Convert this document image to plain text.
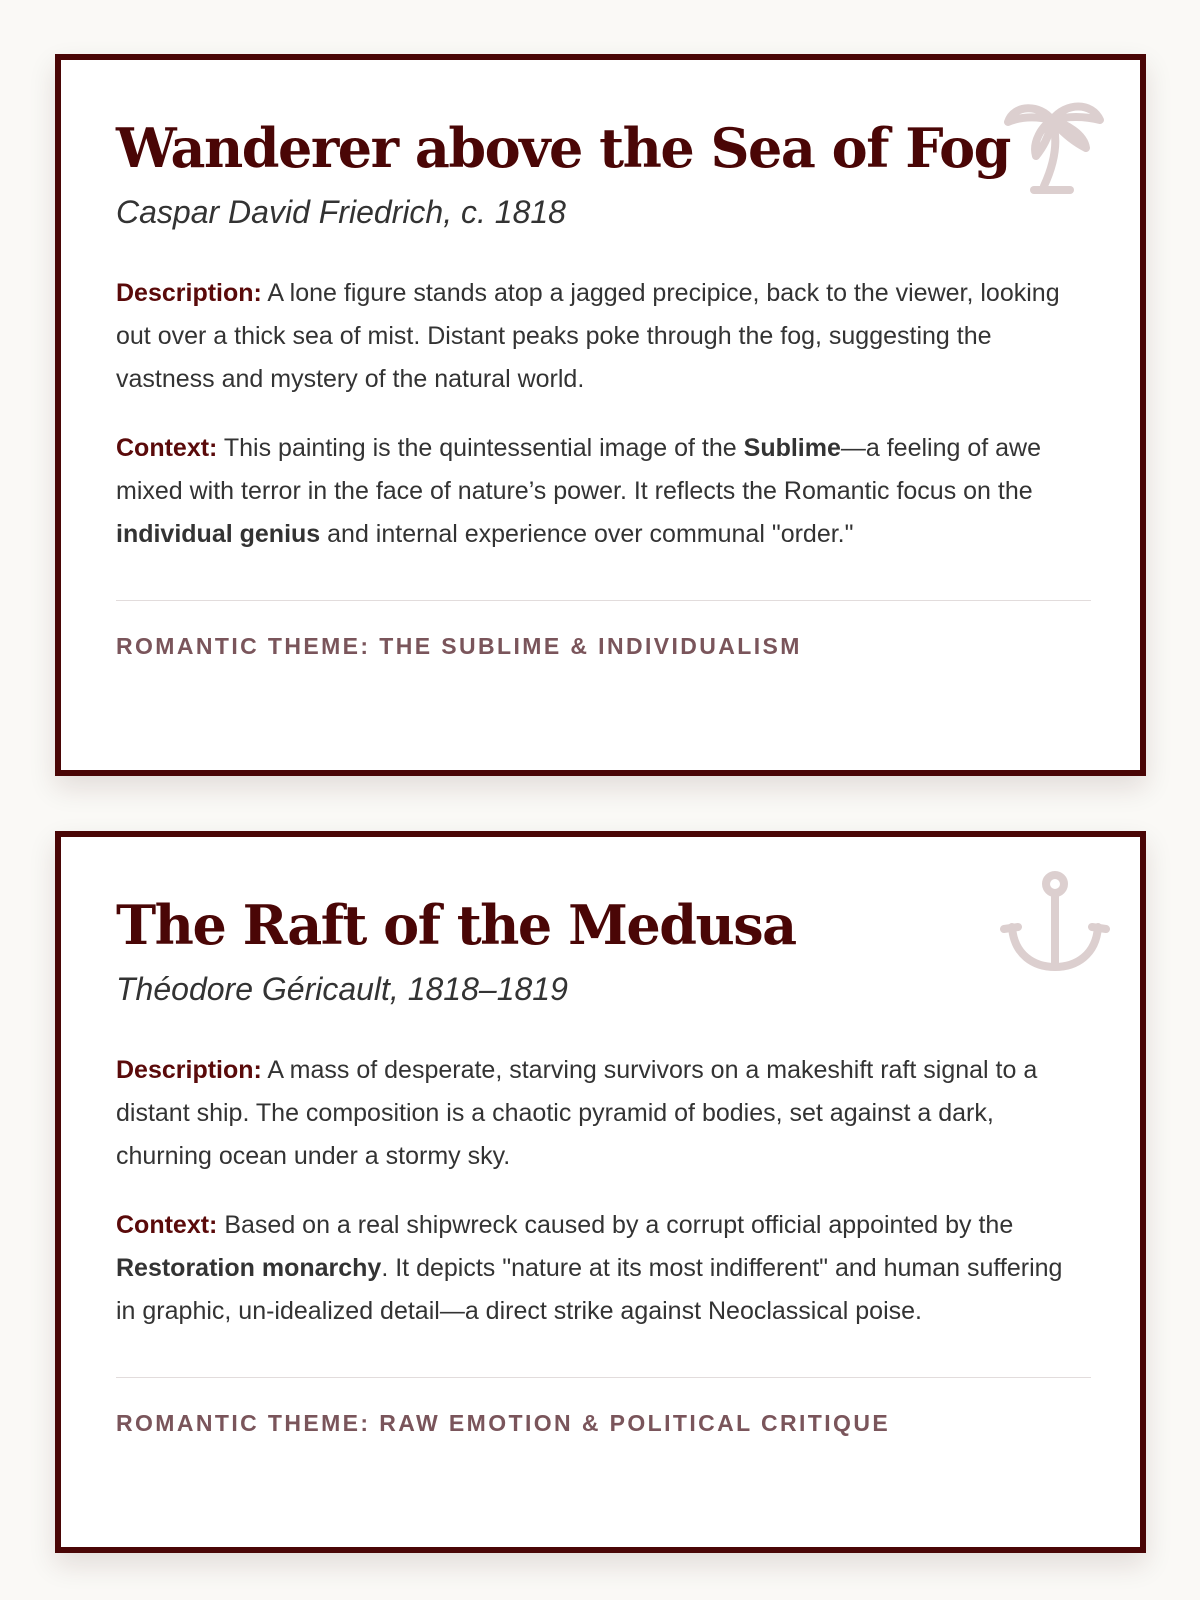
Wanderer above the Sea of Fog
Caspar David Friedrich, c. 1818

Description: A lone figure stands atop a jagged precipice, back to the viewer, looking out over a thick sea of mist. Distant peaks poke through the fog, suggesting the vastness and mystery of the natural world.

Context: This painting is the quintessential image of the Sublime—a feeling of awe mixed with terror in the face of nature’s power. It reflects the Romantic focus on the individual genius and internal experience over communal "order."

ROMANTIC THEME: THE SUBLIME & INDIVIDUALISM
The Raft of the Medusa
Théodore Géricault, 1818–1819

Description: A mass of desperate, starving survivors on a makeshift raft signal to a distant ship. The composition is a chaotic pyramid of bodies, set against a dark, churning ocean under a stormy sky.

Context: Based on a real shipwreck caused by a corrupt official appointed by the Restoration monarchy. It depicts "nature at its most indifferent" and human suffering in graphic, un-idealized detail—a direct strike against Neoclassical poise.

ROMANTIC THEME: RAW EMOTION & POLITICAL CRITIQUE
